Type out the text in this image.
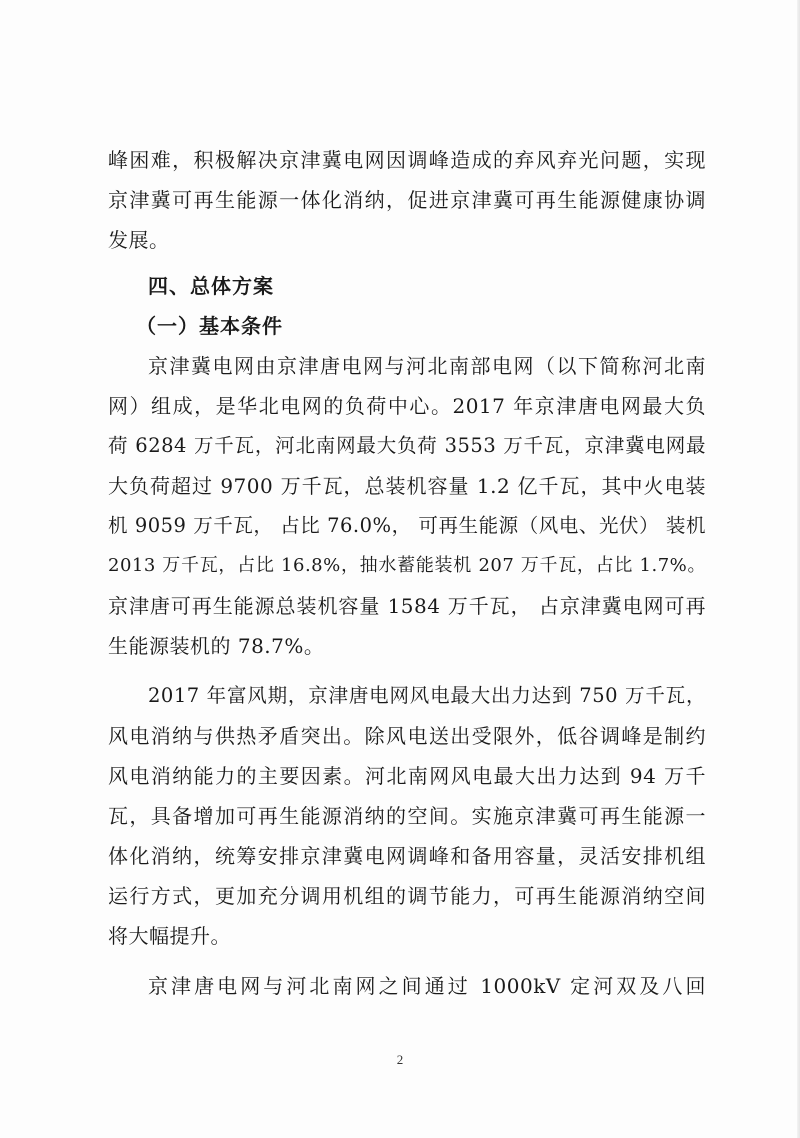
峰困难，积极解决京津冀电网因调峰造成的弃风弃光问题，实现

京津冀可再生能源一体化消纳，促进京津冀可再生能源健康协调

发展。

四、总体方案
（一）基本条件

京津冀电网由京津唐电网与河北南部电网（以下简称河北南

网）组成，是华北电网的负荷中心。2017 年京津唐电网最大负

荷 6284 万千瓦，河北南网最大负荷 3553 万千瓦，京津冀电网最

大负荷超过 9700 万千瓦，总装机容量 1.2 亿千瓦，其中火电装

机 9059 万千瓦， 占比 76.0%， 可再生能源（风电、光伏） 装机

2013 万千瓦，占比 16.8%，抽水蓄能装机 207 万千瓦，占比 1.7%。

京津唐可再生能源总装机容量 1584 万千瓦， 占京津冀电网可再

生能源装机的 78.7%。

2017 年富风期，京津唐电网风电最大出力达到 750 万千瓦，

风电消纳与供热矛盾突出。除风电送出受限外，低谷调峰是制约

风电消纳能力的主要因素。河北南网风电最大出力达到 94 万千

瓦，具备增加可再生能源消纳的空间。实施京津冀可再生能源一

体化消纳，统筹安排京津冀电网调峰和备用容量，灵活安排机组

运行方式，更加充分调用机组的调节能力，可再生能源消纳空间

将大幅提升。

京津唐电网与河北南网之间通过 1000kV 定河双及八回

2
